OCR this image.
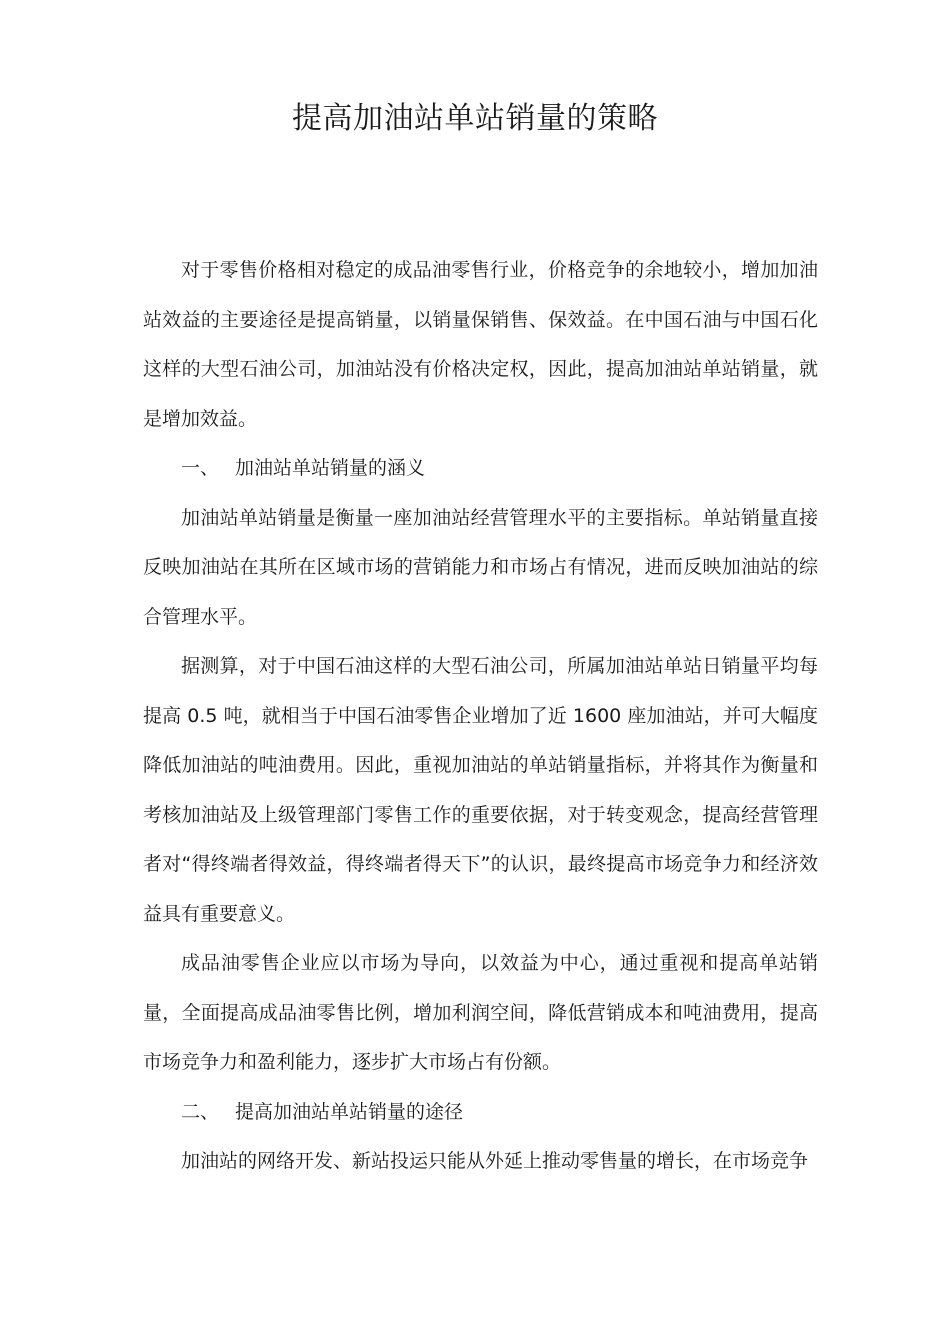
提高加油站单站销量的策略

对于零售价格相对稳定的成品油零售行业，价格竞争的余地较小，增加加油站效益的主要途径是提高销量，以销量保销售、保效益。在中国石油与中国石化这样的大型石油公司，加油站没有价格决定权，因此，提高加油站单站销量，就是增加效益。

一、 加油站单站销量的涵义

加油站单站销量是衡量一座加油站经营管理水平的主要指标。单站销量直接反映加油站在其所在区域市场的营销能力和市场占有情况，进而反映加油站的综合管理水平。

据测算，对于中国石油这样的大型石油公司，所属加油站单站日销量平均每提高 0.5 吨，就相当于中国石油零售企业增加了近 1600 座加油站，并可大幅度降低加油站的吨油费用。因此，重视加油站的单站销量指标，并将其作为衡量和考核加油站及上级管理部门零售工作的重要依据，对于转变观念，提高经营管理者对“得终端者得效益，得终端者得天下”的认识，最终提高市场竞争力和经济效益具有重要意义。

成品油零售企业应以市场为导向，以效益为中心，通过重视和提高单站销量，全面提高成品油零售比例，增加利润空间，降低营销成本和吨油费用，提高市场竞争力和盈利能力，逐步扩大市场占有份额。

二、 提高加油站单站销量的途径

加油站的网络开发、新站投运只能从外延上推动零售量的增长，在市场竞争
